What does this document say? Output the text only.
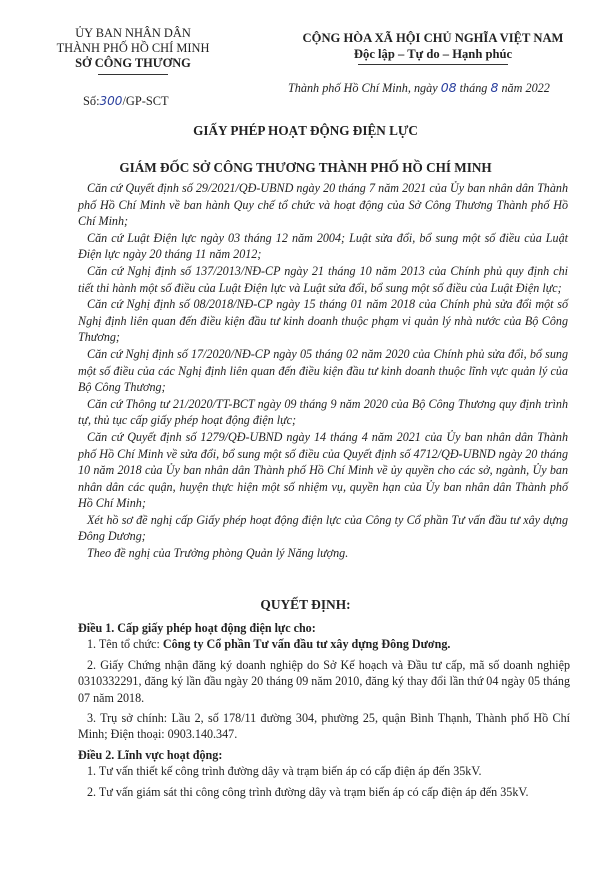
ỦY BAN NHÂN DÂN
THÀNH PHỐ HỒ CHÍ MINH
SỞ CÔNG THƯƠNG
Số:300/GP-SCT
CỘNG HÒA XÃ HỘI CHỦ NGHĨA VIỆT NAM
Độc lập – Tự do – Hạnh phúc
Thành phố Hồ Chí Minh, ngày 08 tháng 8 năm 2022
GIẤY PHÉP HOẠT ĐỘNG ĐIỆN LỰC
GIÁM ĐỐC SỞ CÔNG THƯƠNG THÀNH PHỐ HỒ CHÍ MINH

Căn cứ Quyết định số 29/2021/QĐ-UBND ngày 20 tháng 7 năm 2021 của Ủy ban nhân dân Thành phố Hồ Chí Minh về ban hành Quy chế tổ chức và hoạt động của Sở Công Thương Thành phố Hồ Chí Minh;

Căn cứ Luật Điện lực ngày 03 tháng 12 năm 2004; Luật sửa đổi, bổ sung một số điều của Luật Điện lực ngày 20 tháng 11 năm 2012;

Căn cứ Nghị định số 137/2013/NĐ-CP ngày 21 tháng 10 năm 2013 của Chính phủ quy định chi tiết thi hành một số điều của Luật Điện lực và Luật sửa đổi, bổ sung một số điều của Luật Điện lực;

Căn cứ Nghị định số 08/2018/NĐ-CP ngày 15 tháng 01 năm 2018 của Chính phủ sửa đổi một số Nghị định liên quan đến điều kiện đầu tư kinh doanh thuộc phạm vi quản lý nhà nước của Bộ Công Thương;

Căn cứ Nghị định số 17/2020/NĐ-CP ngày 05 tháng 02 năm 2020 của Chính phủ sửa đổi, bổ sung một số điều của các Nghị định liên quan đến điều kiện đầu tư kinh doanh thuộc lĩnh vực quản lý của Bộ Công Thương;

Căn cứ Thông tư 21/2020/TT-BCT ngày 09 tháng 9 năm 2020 của Bộ Công Thương quy định trình tự, thủ tục cấp giấy phép hoạt động điện lực;

Căn cứ Quyết định số 1279/QĐ-UBND ngày 14 tháng 4 năm 2021 của Ủy ban nhân dân Thành phố Hồ Chí Minh về sửa đổi, bổ sung một số điều của Quyết định số 4712/QĐ-UBND ngày 20 tháng 10 năm 2018 của Ủy ban nhân dân Thành phố Hồ Chí Minh về ủy quyền cho các sở, ngành, Ủy ban nhân dân các quận, huyện thực hiện một số nhiệm vụ, quyền hạn của Ủy ban nhân dân Thành phố Hồ Chí Minh;

Xét hồ sơ đề nghị cấp Giấy phép hoạt động điện lực của Công ty Cổ phần Tư vấn đầu tư xây dựng Đông Dương;

Theo đề nghị của Trưởng phòng Quản lý Năng lượng.

QUYẾT ĐỊNH:

Điều 1. Cấp giấy phép hoạt động điện lực cho:

1. Tên tổ chức: Công ty Cổ phần Tư vấn đầu tư xây dựng Đông Dương.

2. Giấy Chứng nhận đăng ký doanh nghiệp do Sở Kế hoạch và Đầu tư cấp, mã số doanh nghiệp 0310332291, đăng ký lần đầu ngày 20 tháng 09 năm 2010, đăng ký thay đổi lần thứ 04 ngày 05 tháng 07 năm 2018.

3. Trụ sở chính: Lầu 2, số 178/11 đường 304, phường 25, quận Bình Thạnh, Thành phố Hồ Chí Minh; Điện thoại: 0903.140.347.

Điều 2. Lĩnh vực hoạt động:

1. Tư vấn thiết kế công trình đường dây và trạm biến áp có cấp điện áp đến 35kV.

2. Tư vấn giám sát thi công công trình đường dây và trạm biến áp có cấp điện áp đến 35kV.
